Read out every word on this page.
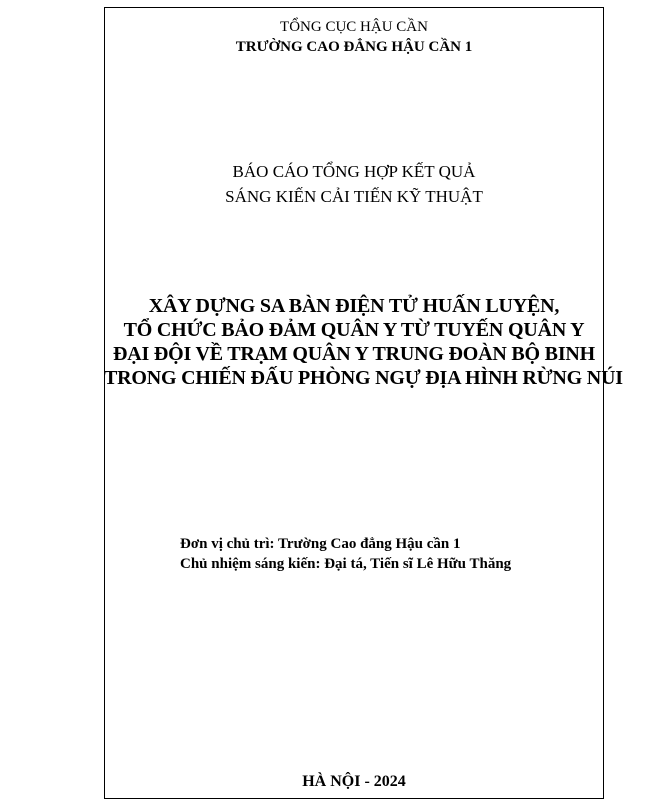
TỔNG CỤC HẬU CẦN
TRƯỜNG CAO ĐẲNG HẬU CẦN 1
BÁO CÁO TỔNG HỢP KẾT QUẢ
SÁNG KIẾN CẢI TIẾN KỸ THUẬT
XÂY DỰNG SA BÀN ĐIỆN TỬ HUẤN LUYỆN,
TỔ CHỨC BẢO ĐẢM QUÂN Y TỪ TUYẾN QUÂN Y
ĐẠI ĐỘI VỀ TRẠM QUÂN Y TRUNG ĐOÀN BỘ BINH
TRONG CHIẾN ĐẤU PHÒNG NGỰ ĐỊA HÌNH RỪNG NÚI
Đơn vị chủ trì: Trường Cao đẳng Hậu cần 1
Chủ nhiệm sáng kiến: Đại tá, Tiến sĩ Lê Hữu Thăng
HÀ NỘI - 2024
